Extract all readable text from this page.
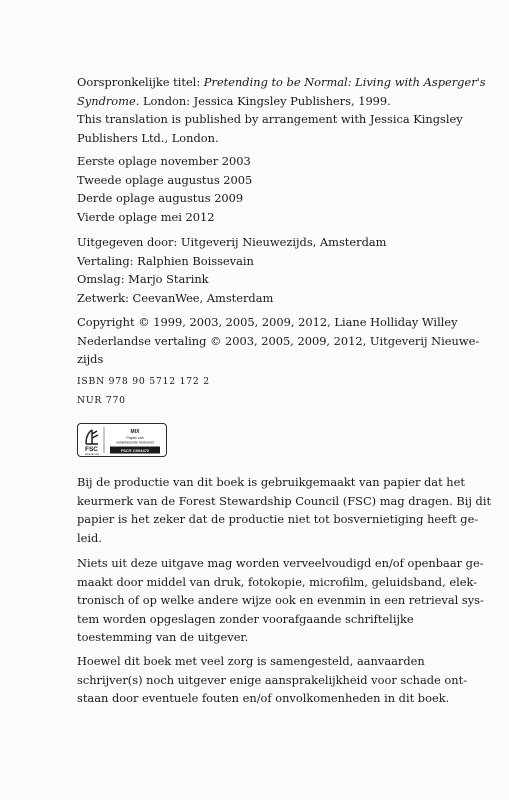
Oorspronkelijke titel: Pretending to be Normal: Living with Asperger's
Syndrome. London: Jessica Kingsley Publishers, 1999.
This translation is published by arrangement with Jessica Kingsley
Publishers Ltd., London.
Eerste oplage november 2003
Tweede oplage augustus 2005
Derde oplage augustus 2009
Vierde oplage mei 2012
Uitgegeven door: Uitgeverij Nieuwezijds, Amsterdam
Vertaling: Ralphien Boissevain
Omslag: Marjo Starink
Zetwerk: CeevanWee, Amsterdam
Copyright © 1999, 2003, 2005, 2009, 2012, Liane Holliday Willey
Nederlandse vertaling © 2003, 2005, 2009, 2012, Uitgeverij Nieuwe-
zijds
ISBN 978 90 5712 172 2
NUR 770
FSC
www.fsc.org
MIX
Papier van
verantwoorde herkomst
FSC® C004472
Bij de productie van dit boek is gebruikgemaakt van papier dat het
keurmerk van de Forest Stewardship Council (FSC) mag dragen. Bij dit
papier is het zeker dat de productie niet tot bosvernietiging heeft ge-
leid.
Niets uit deze uitgave mag worden verveelvoudigd en/of openbaar ge-
maakt door middel van druk, fotokopie, microfilm, geluidsband, elek-
tronisch of op welke andere wijze ook en evenmin in een retrieval sys-
tem worden opgeslagen zonder voorafgaande schriftelijke
toestemming van de uitgever.
Hoewel dit boek met veel zorg is samengesteld, aanvaarden
schrijver(s) noch uitgever enige aansprakelijkheid voor schade ont-
staan door eventuele fouten en/of onvolkomenheden in dit boek.
